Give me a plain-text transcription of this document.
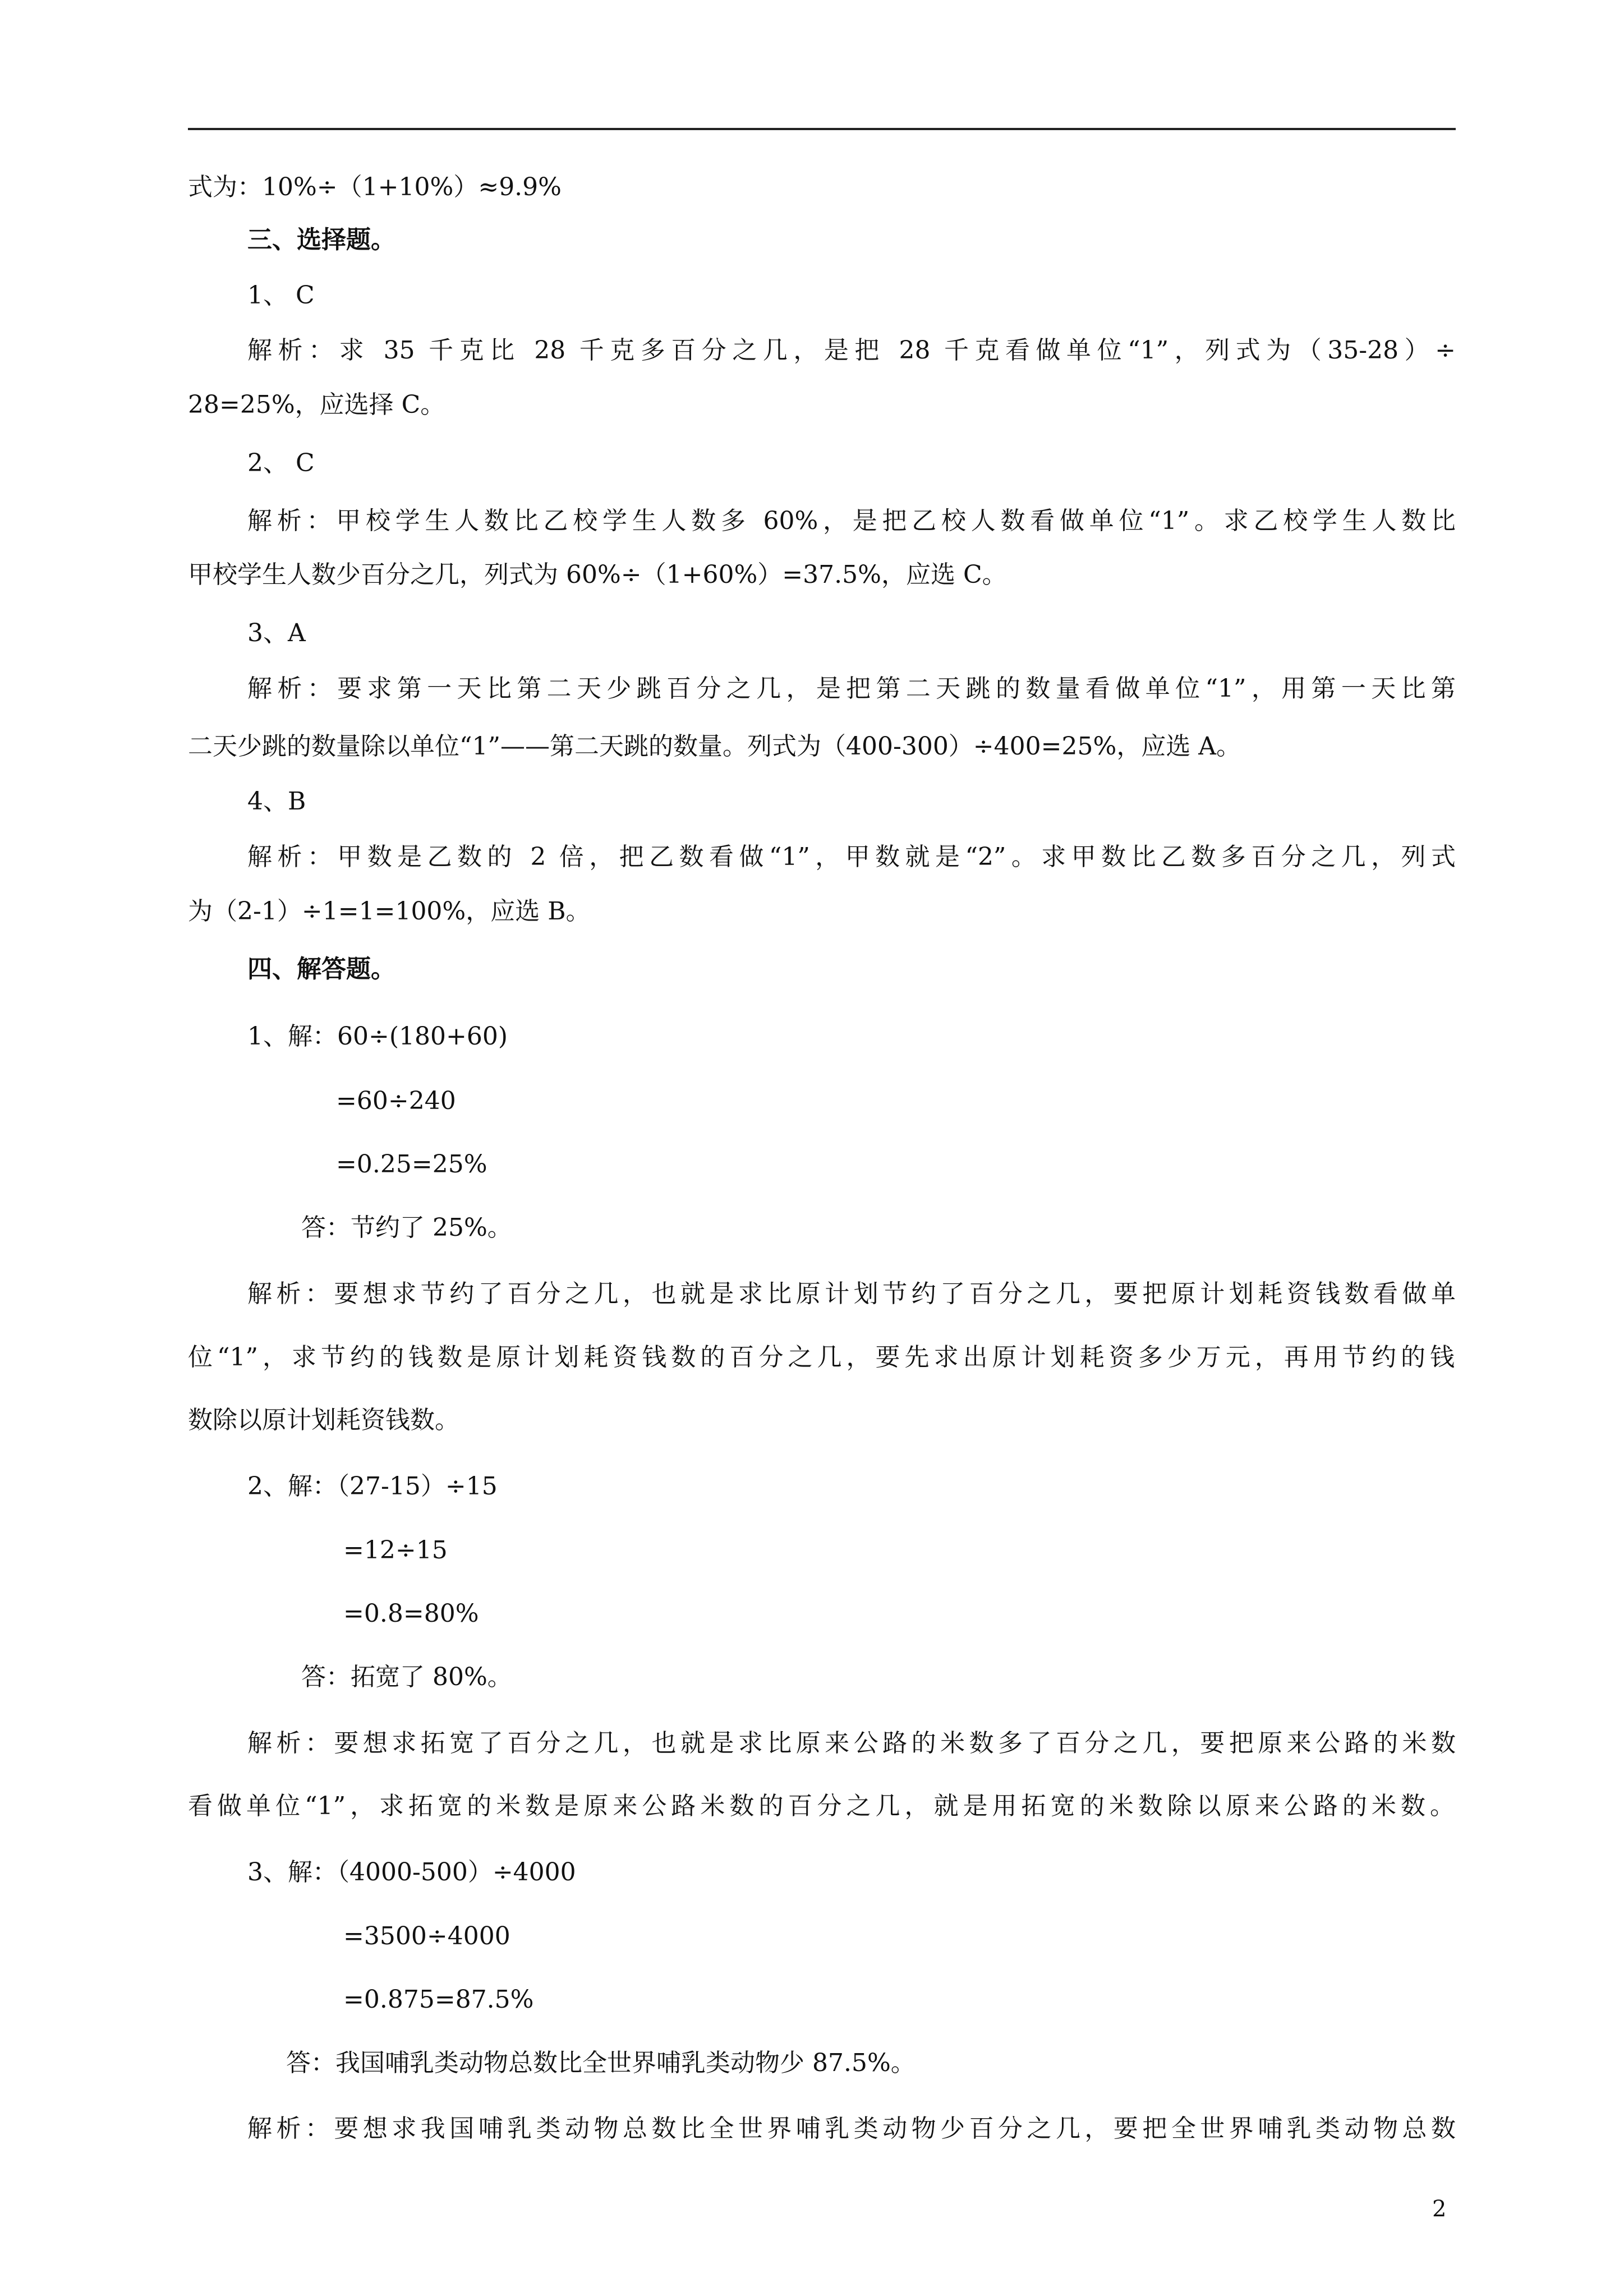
式为：10%÷（1+10%）≈9.9%
三、选择题。
1、 C
解析：求 35 千克比 28 千克多百分之几，是把 28 千克看做单位“1”，列式为（35-28）÷
28=25%，应选择 C。
2、 C
解析：甲校学生人数比乙校学生人数多 60%，是把乙校人数看做单位“1”。求乙校学生人数比
甲校学生人数少百分之几，列式为 60%÷（1+60%）=37.5%，应选 C。
3、A
解析：要求第一天比第二天少跳百分之几，是把第二天跳的数量看做单位“1”，用第一天比第
二天少跳的数量除以单位“1”——第二天跳的数量。列式为（400-300）÷400=25%，应选 A。
4、B
解析：甲数是乙数的 2 倍，把乙数看做“1”，甲数就是“2”。求甲数比乙数多百分之几，列式
为（2-1）÷1=1=100%，应选 B。
四、解答题。
1、解：60÷(180+60)
=60÷240
=0.25=25%
答：节约了 25%。
解析：要想求节约了百分之几，也就是求比原计划节约了百分之几，要把原计划耗资钱数看做单
位“1”，求节约的钱数是原计划耗资钱数的百分之几，要先求出原计划耗资多少万元，再用节约的钱
数除以原计划耗资钱数。
2、解：（27-15）÷15
=12÷15
=0.8=80%
答：拓宽了 80%。
解析：要想求拓宽了百分之几，也就是求比原来公路的米数多了百分之几，要把原来公路的米数
看做单位“1”，求拓宽的米数是原来公路米数的百分之几，就是用拓宽的米数除以原来公路的米数。
3、解：（4000-500）÷4000
=3500÷4000
=0.875=87.5%
答：我国哺乳类动物总数比全世界哺乳类动物少 87.5%。
解析：要想求我国哺乳类动物总数比全世界哺乳类动物少百分之几，要把全世界哺乳类动物总数
2
